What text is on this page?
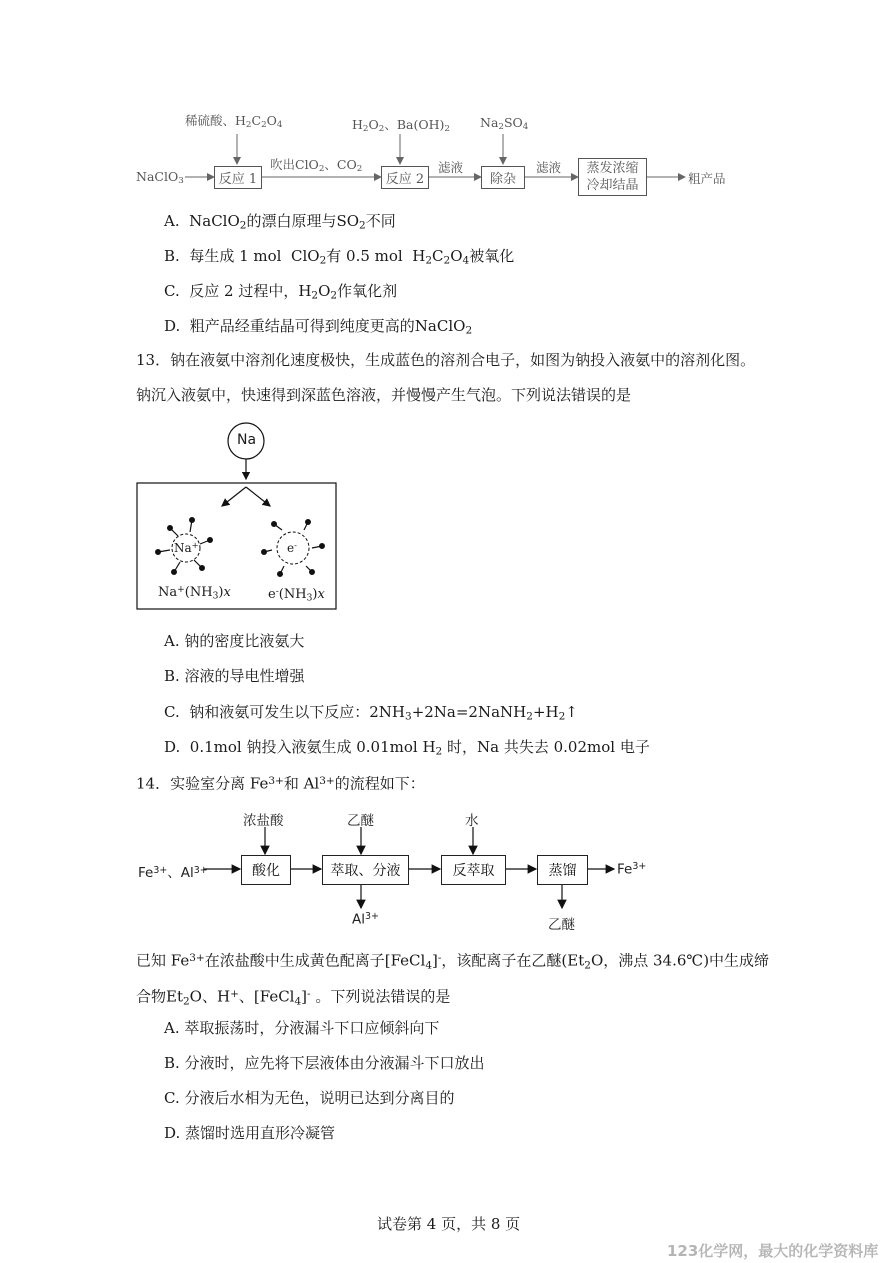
稀硫酸、$H_2C_2O_4$	$H_2O_2$、$Ba(OH)_2$ $Na_2SO_4$
NaClO$_3$	反应 1
吹出ClO$_2$、$CO_2$
反应 2
滤液
除杂
滤液 蒸发浓缩
冷却结晶	粗产品
A.  NaClO$_2$的漂白原理与$SO_2$不同
B.  每生成 1 mol  ClO$_2$有 0.5 mol  $H_2C_2O_4$被氧化
C.  反应 2 过程中，$H_2O_2$作氧化剂
D.  粗产品经重结晶可得到纯度更高的NaClO$_2$
13．钠在液氨中溶剂化速度极快，生成蓝色的溶剂合电子，如图为钠投入液氨中的溶剂化图。
钠沉入液氨中，快速得到深蓝色溶液，并慢慢产生气泡。下列说法错误的是
Na
Na+	e-
$Na^+(NH_3)x$	$e^-(NH_3)x$
A. 钠的密度比液氨大
B. 溶液的导电性增强
C.  钠和液氨可发生以下反应：$2NH_3+2Na=2NaNH_2+H_2↑$
D.  0.1mol 钠投入液氨生成 0.01mol $H_2$ 时，Na 共失去 0.02mol 电子
14．实验室分离 $Fe^{3+}$和 $Al^{3+}$的流程如下：
浓盐酸	乙醚	水
$Fe^{3+}$、$Al^{3+}$	酸化	萃取、分液	反萃取	蒸馏	$Fe^{3+}$
$Al^{3+}$
乙醚
已知 $Fe^{3+}$在浓盐酸中生成黄色配离子[FeCl$_4$]-，该配离子在乙醚($Et_2O$，沸点 34.6℃)中生成缔
合物$Et_2O$、H+、[FeCl$_4$]- 。下列说法错误的是
A. 萃取振荡时，分液漏斗下口应倾斜向下
B. 分液时，应先将下层液体由分液漏斗下口放出
C. 分液后水相为无色，说明已达到分离目的
D. 蒸馏时选用直形冷凝管
试卷第 4 页，共 8 页
123化学网，最大的化学资料库
